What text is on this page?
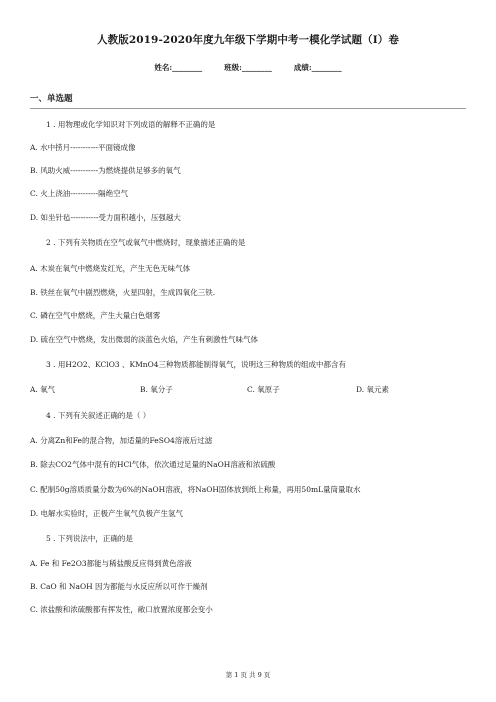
人教版2019-2020年度九年级下学期中考一模化学试题（I）卷
姓名:________	班级:________	成绩:________
一、单选题
1 . 用物理或化学知识对下列成语的解释不正确的是
A. 水中捞月-----------平面镜成像
B. 风助火威-----------为燃烧提供足够多的氧气
C. 火上浇油-----------隔绝空气
D. 如坐针毡-----------受力面积越小，压强越大
2 . 下列有关物质在空气或氧气中燃烧时，现象描述正确的是
A. 木炭在氧气中燃烧发红光，产生无色无味气体
B. 铁丝在氧气中剧烈燃烧，火星四射，生成四氧化三铁.
C. 磷在空气中燃烧，产生大量白色烟雾
D. 硫在空气中燃烧，发出微弱的淡蓝色火焰，产生有刺激性气味气体
3 . 用H2O2、KClO3 、KMnO4三种物质都能制得氧气，说明这三种物质的组成中都含有
A. 氧气	B. 氧分子	C. 氧原子	D. 氧元素
4 . 下列有关叙述正确的是（ ）
A. 分离Zn和Fe的混合物，加适量的FeSO4溶液后过滤
B. 除去CO2气体中混有的HCl气体，依次通过足量的NaOH溶液和浓硫酸
C. 配制50g溶质质量分数为6%的NaOH溶液，将NaOH固体放到纸上称量，再用50mL量筒量取水
D. 电解水实验时，正极产生氧气负极产生氢气
5 . 下列说法中，正确的是
A. Fe 和 Fe2O3都能与稀盐酸反应得到黄色溶液
B. CaO 和 NaOH 因为都能与水反应所以可作干燥剂
C. 浓盐酸和浓硫酸都有挥发性，敞口放置浓度都会变小
第 1 页 共 9 页
